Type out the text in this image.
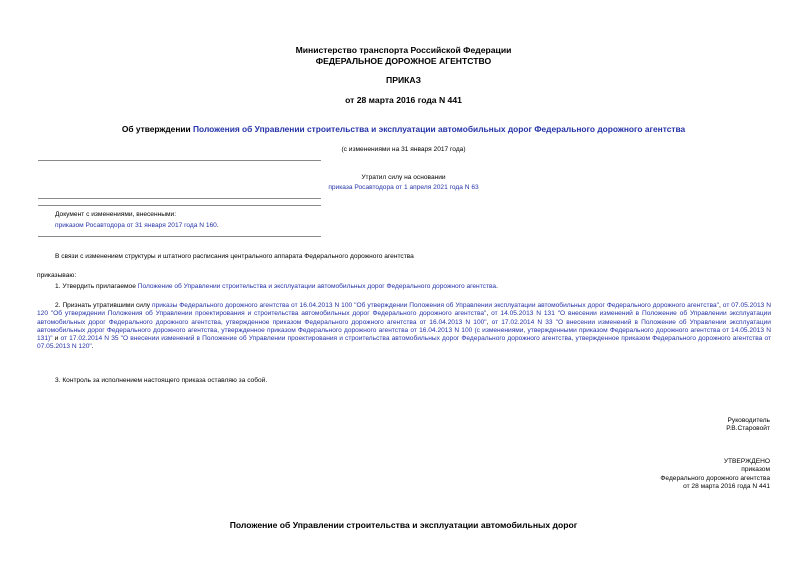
Министерство транспорта Российской Федерации
ФЕДЕРАЛЬНОЕ ДОРОЖНОЕ АГЕНТСТВО
ПРИКАЗ
от 28 марта 2016 года N 441
Об утверждении Положения об Управлении строительства и эксплуатации автомобильных дорог Федерального дорожного агентства
(с изменениями на 31 января 2017 года)
Утратил силу на основании
приказа Росавтодора от 1 апреля 2021 года N 63
Документ с изменениями, внесенными:
приказом Росавтодора от 31 января 2017 года N 160.
В связи с изменением структуры и штатного расписания центрального аппарата Федерального дорожного агентства
приказываю:
1. Утвердить прилагаемое Положение об Управлении строительства и эксплуатации автомобильных дорог Федерального дорожного агентства.
2. Признать утратившими силу приказы Федерального дорожного агентства от 16.04.2013 N 100 "Об утверждении Положения об Управлении эксплуатации автомобильных дорог Федерального дорожного агентства", от 07.05.2013 N 120 "Об утверждении Положения об Управлении проектирования и строительства автомобильных дорог Федерального дорожного агентства", от 14.05.2013 N 131 "О внесении изменений в Положение об Управлении эксплуатации автомобильных дорог Федерального дорожного агентства, утвержденное приказом Федерального дорожного агентства от 16.04.2013 N 100", от 17.02.2014 N 33 "О внесении изменений в Положение об Управлении эксплуатации автомобильных дорог Федерального дорожного агентства, утвержденное приказом Федерального дорожного агентства от 16.04.2013 N 100 (с изменениями, утвержденными приказом Федерального дорожного агентства от 14.05.2013 N 131)" и от 17.02.2014 N 35 "О внесении изменений в Положение об Управлении проектирования и строительства автомобильных дорог Федерального дорожного агентства, утвержденное приказом Федерального дорожного агентства от 07.05.2013 N 120".
3. Контроль за исполнением настоящего приказа оставляю за собой.
Руководитель
Р.В.Старовойт
УТВЕРЖДЕНО
приказом
Федерального дорожного агентства
от 28 марта 2016 года N 441
Положение об Управлении строительства и эксплуатации автомобильных дорог
